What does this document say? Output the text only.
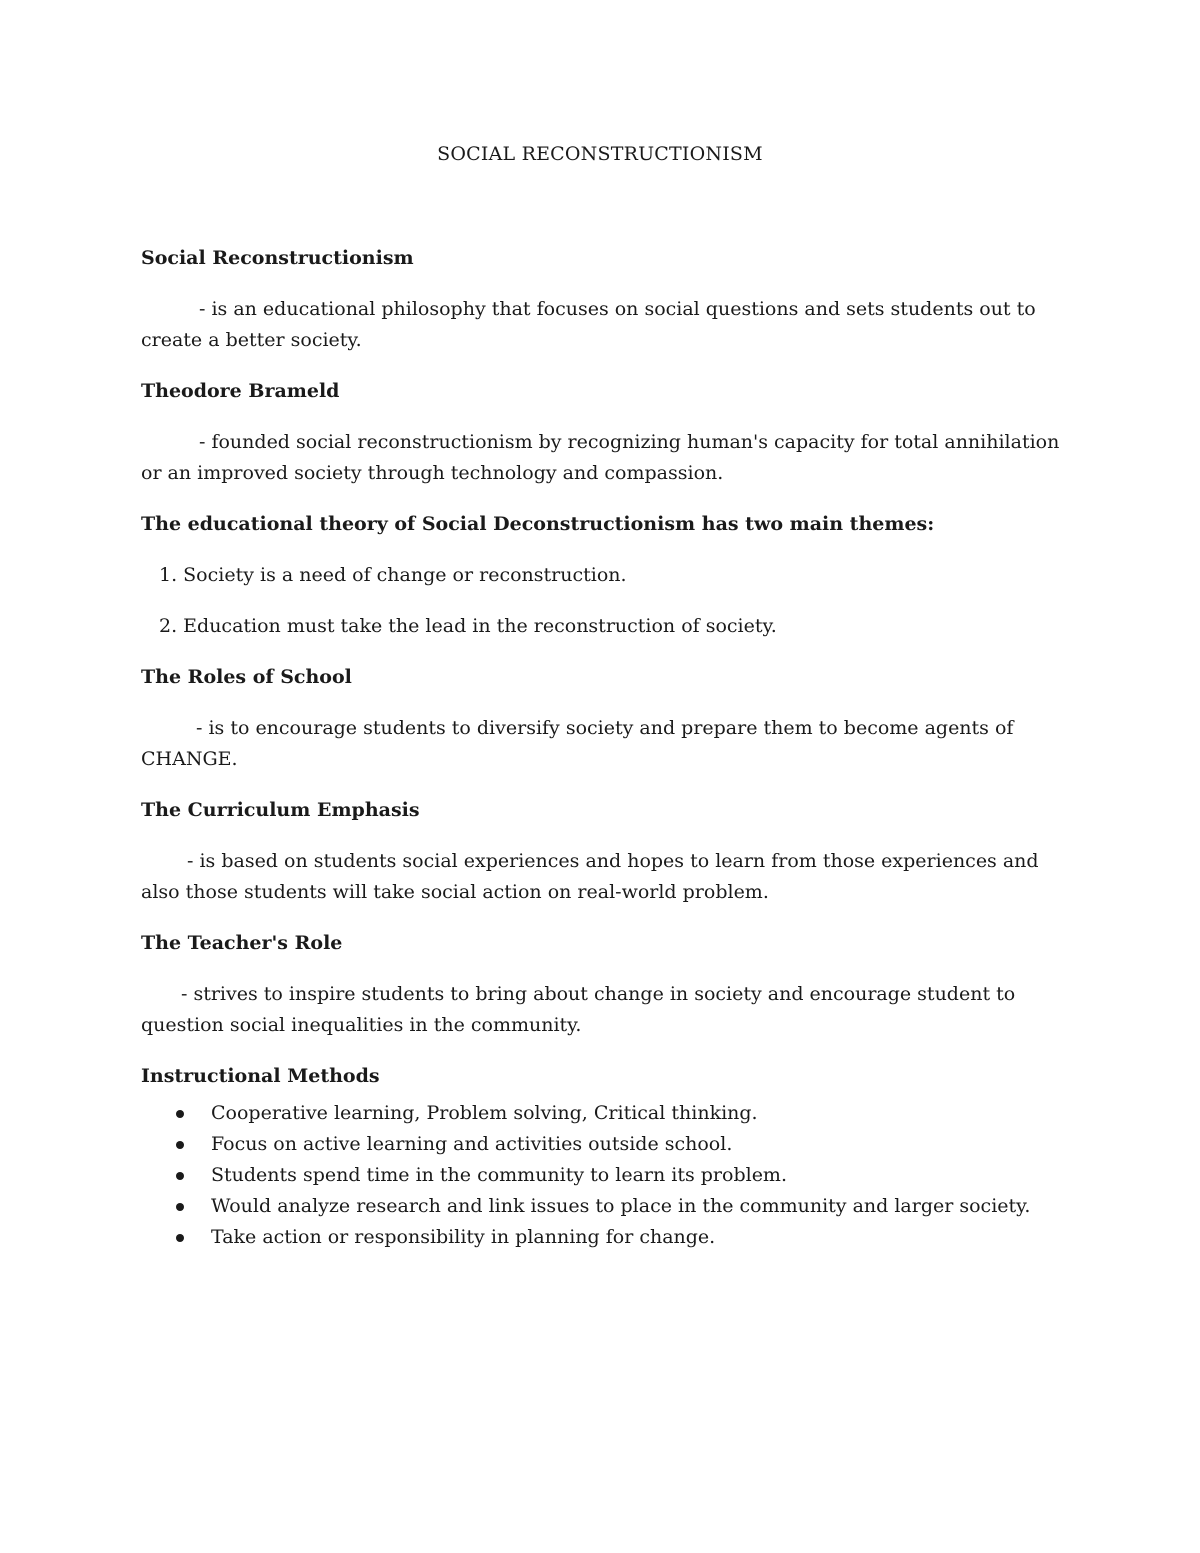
SOCIAL RECONSTRUCTIONISM
Social Reconstructionism
- is an educational philosophy that focuses on social questions and sets students out to create a better society.
Theodore Brameld
- founded social reconstructionism by recognizing human's capacity for total annihilation or an improved society through technology and compassion.
The educational theory of Social Deconstructionism has two main themes:
1. Society is a need of change or reconstruction.
2. Education must take the lead in the reconstruction of society.
The Roles of School
- is to encourage students to diversify society and prepare them to become agents of CHANGE.
The Curriculum Emphasis
- is based on students social experiences and hopes to learn from those experiences and also those students will take social action on real-world problem.
The Teacher's Role
- strives to inspire students to bring about change in society and encourage student to question social inequalities in the community.
Instructional Methods
Cooperative learning, Problem solving, Critical thinking.
Focus on active learning and activities outside school.
Students spend time in the community to learn its problem.
Would analyze research and link issues to place in the community and larger society.
Take action or responsibility in planning for change.
